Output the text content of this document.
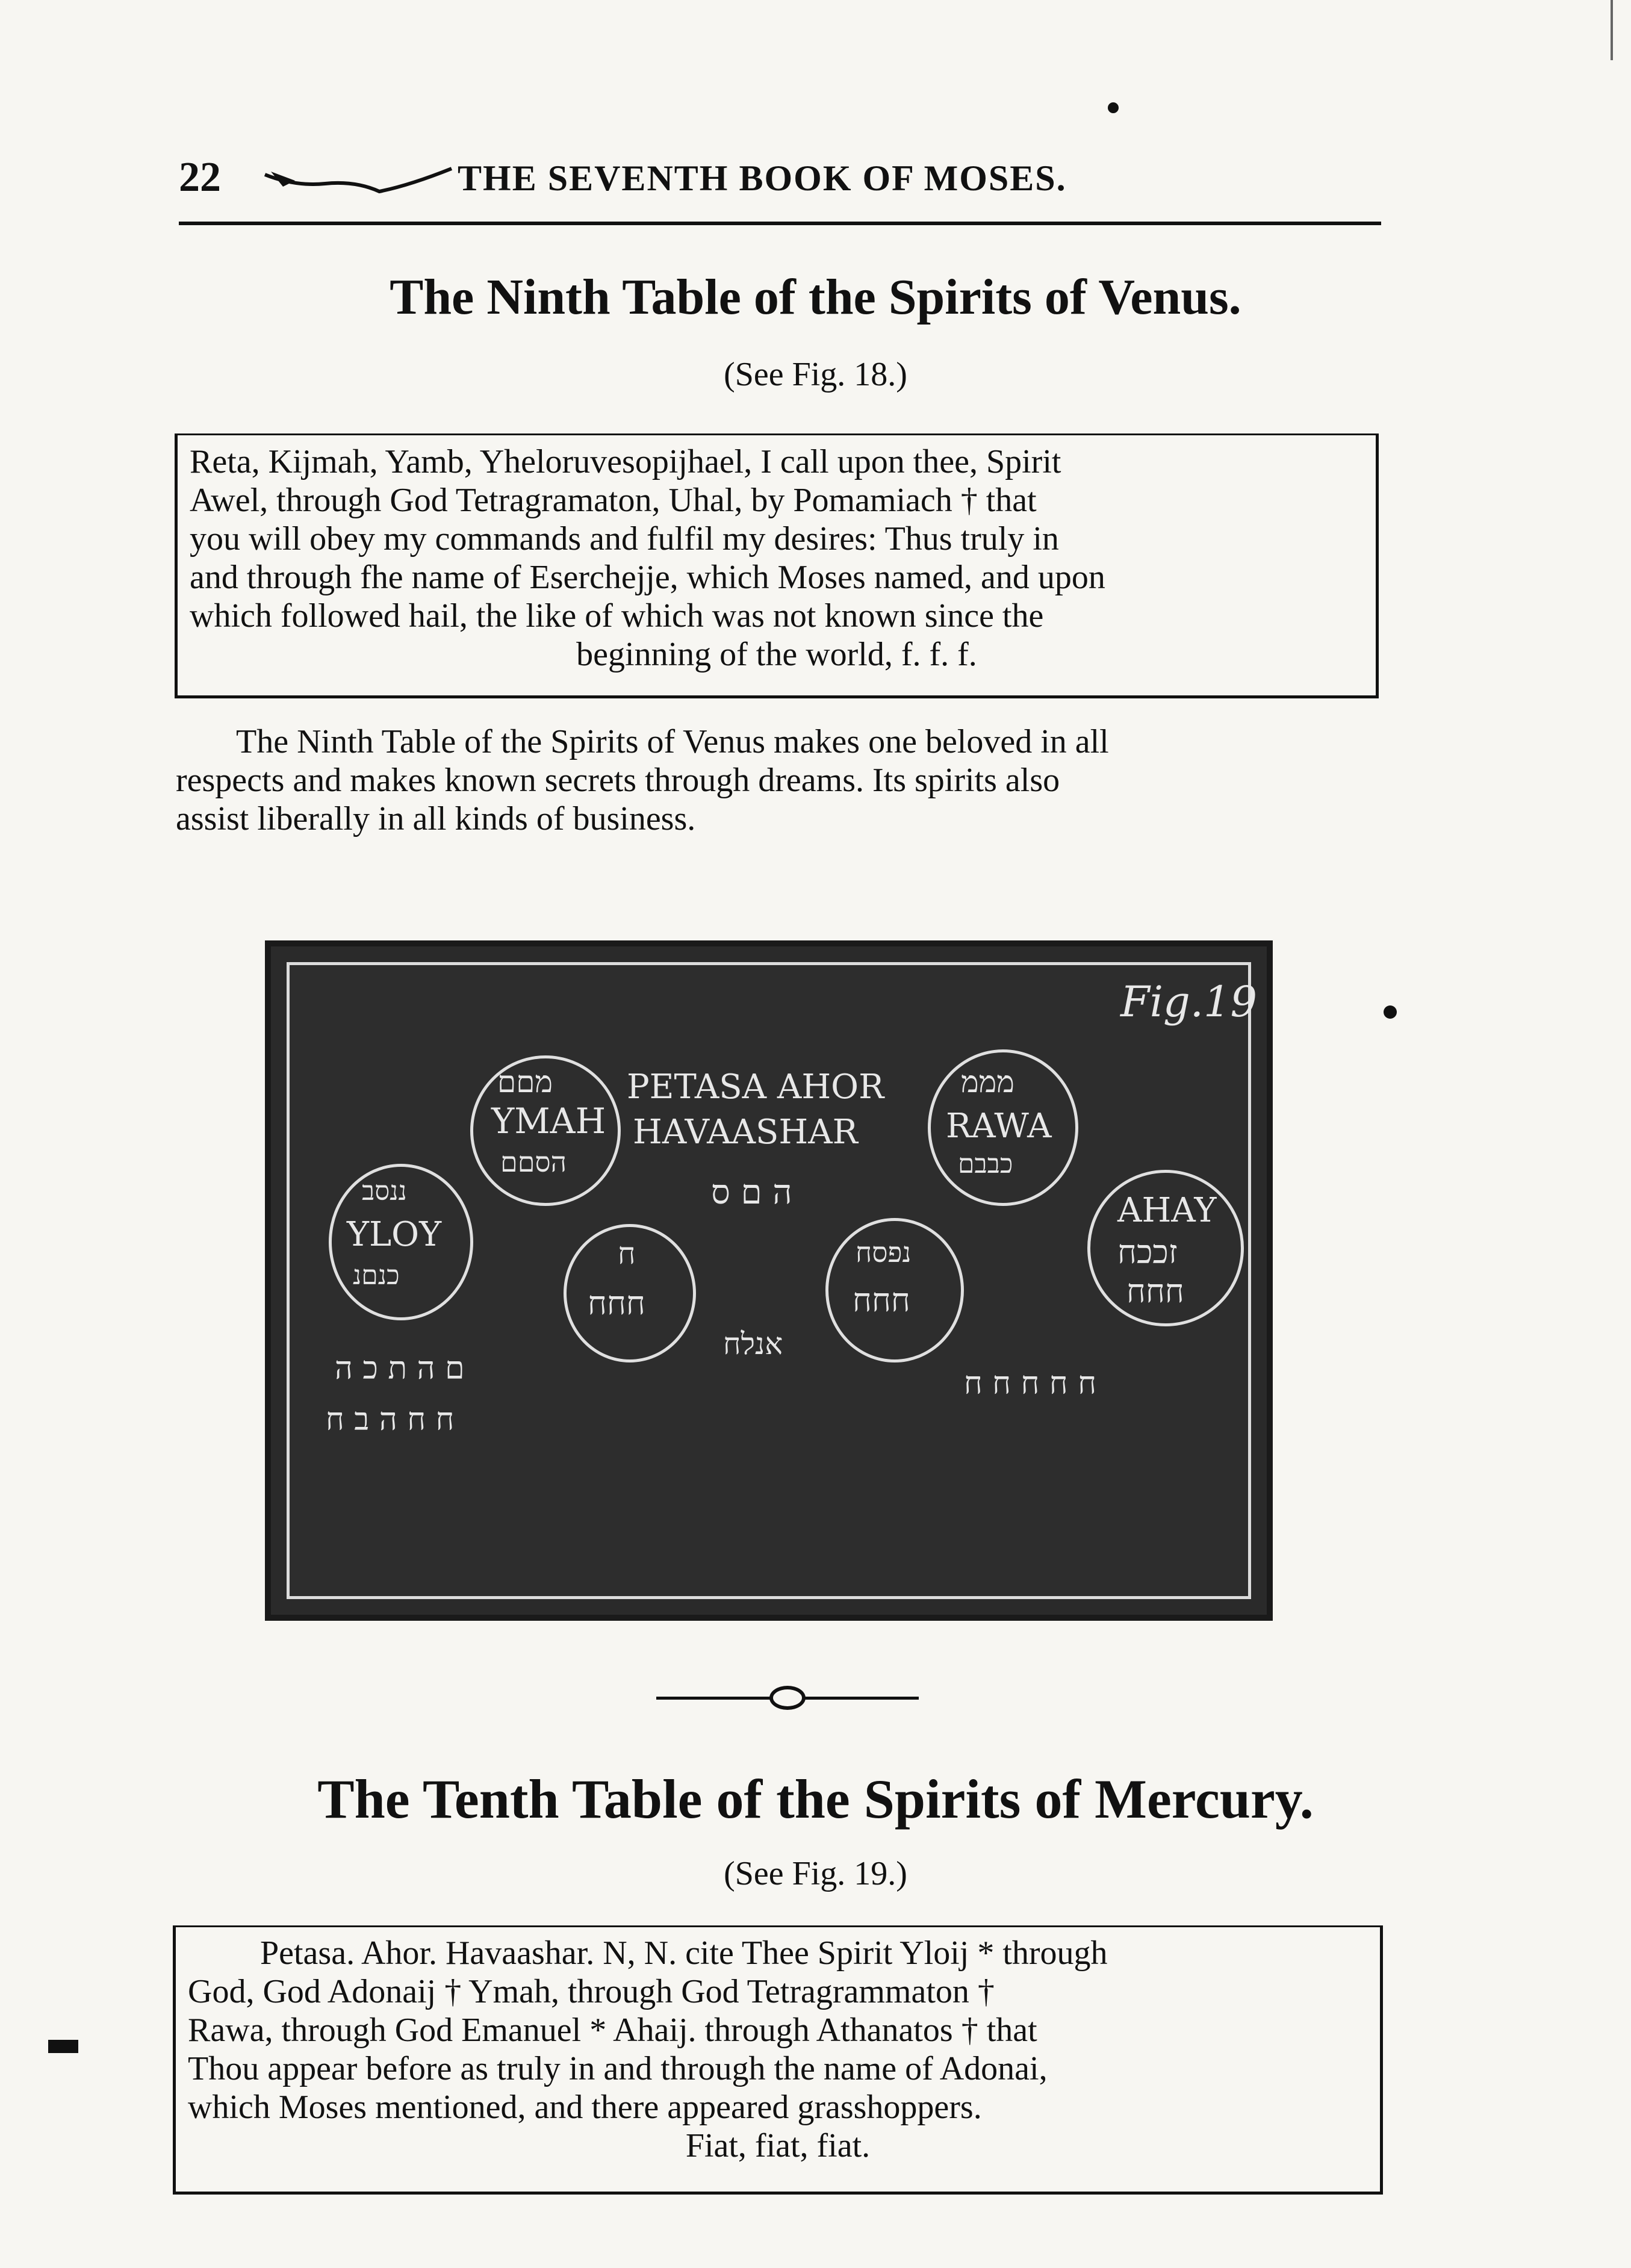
22	THE SEVENTH BOOK OF MOSES.
The Ninth Table of the Spirits of Venus.
(See Fig. 18.)
Reta, Kijmah, Yamb, Yheloruvesopijhael, I call upon thee, Spirit
Awel, through God Tetragramaton, Uhal, by Pomamiach † that
you will obey my commands and fulfil my desires: Thus truly in
and through fhe name of Eserchejje, which Moses named, and upon
which followed hail, the like of which was not known since the
beginning of the world, f. f. f.
The Ninth Table of the Spirits of Venus makes one beloved in all
respects and makes known secrets through dreams. Its spirits also
assist liberally in all kinds of business.
Fig.19
מםם
YMAH
הסםם
PETASA AHOR
HAVAASHAR
ה ם ס
מממ
RAWA
כבבם
ננסב
YLOY
כנםנ
AHAY
זככח
חחח
ח
חחח
נפסח
חחח
ם ה ת כ ה
ח ח ה ב ח
אנלח
ח ח ח ח ח
The Tenth Table of the Spirits of Mercury.
(See Fig. 19.)
Petasa. Ahor. Havaashar. N, N. cite Thee Spirit Yloij * through
God, God Adonaij † Ymah, through God Tetragrammaton †
Rawa, through God Emanuel * Ahaij. through Athanatos † that
Thou appear before as truly in and through the name of Adonai,
which Moses mentioned, and there appeared grasshoppers.
Fiat, fiat, fiat.
